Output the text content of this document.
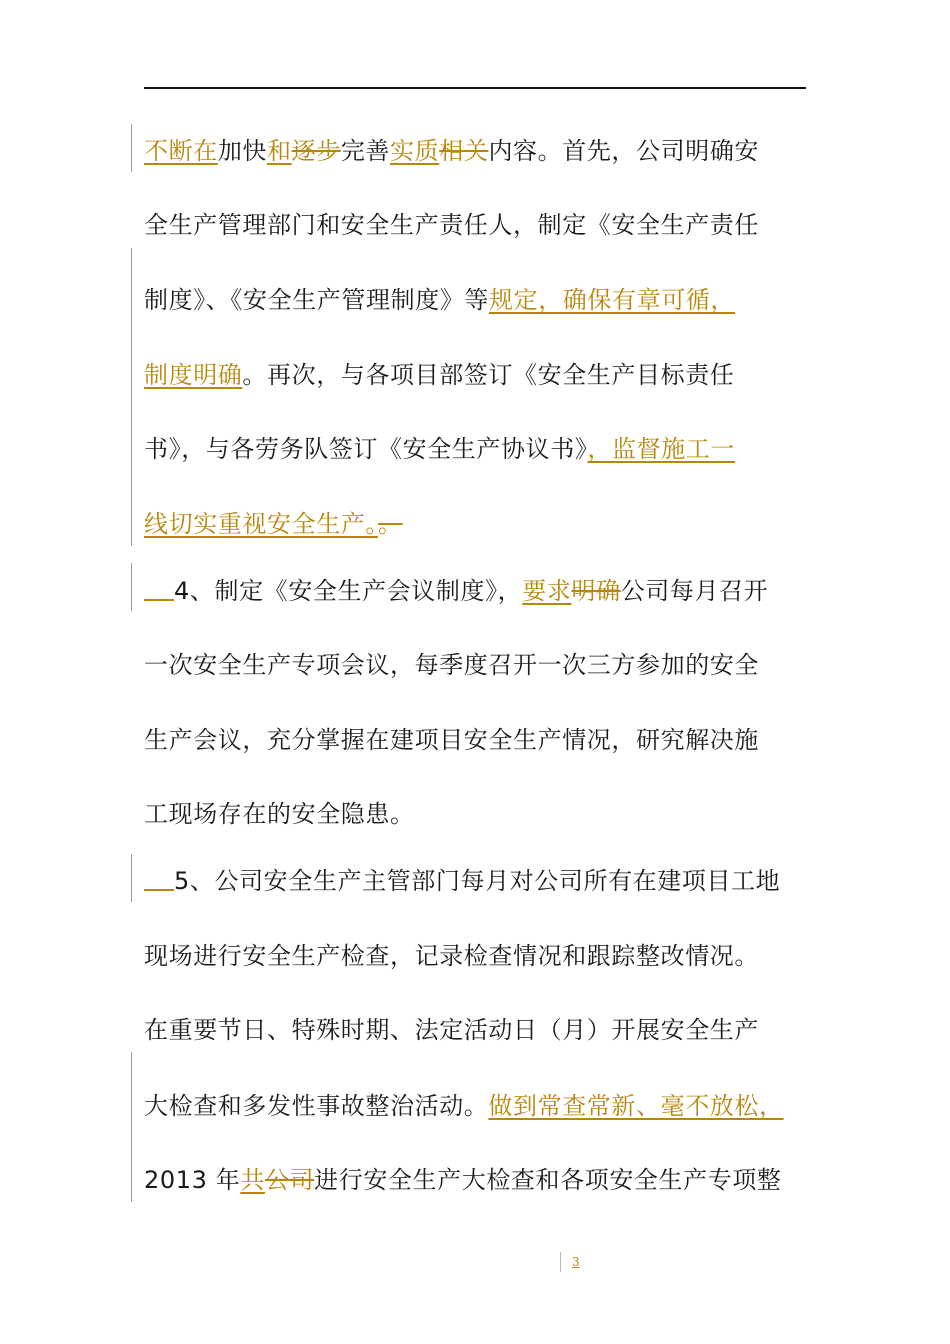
不断在加快和逐步完善实质相关内容。首先，公司明确安
全生产管理部门和安全生产责任人，制定《安全生产责任
制度》、《安全生产管理制度》等规定，确保有章可循，
制度明确。再次，与各项目部签订《安全生产目标责任
书》，与各劳务队签订《安全生产协议书》，监督施工一
线切实重视安全生产。。
4、制定《安全生产会议制度》，要求明确公司每月召开
一次安全生产专项会议，每季度召开一次三方参加的安全
生产会议，充分掌握在建项目安全生产情况，研究解决施
工现场存在的安全隐患。
5、公司安全生产主管部门每月对公司所有在建项目工地
现场进行安全生产检查，记录检查情况和跟踪整改情况。
在重要节日、特殊时期、法定活动日（月）开展安全生产
大检查和多发性事故整治活动。做到常查常新、毫不放松，
2013 年共公司进行安全生产大检查和各项安全生产专项整
3
